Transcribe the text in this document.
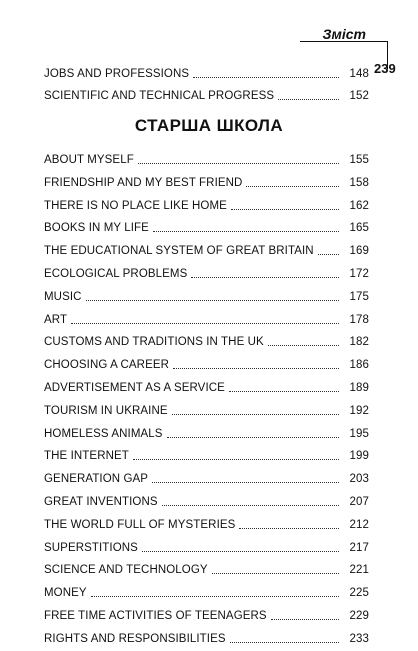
Зміст
239
JOBS AND PROFESSIONS	148
SCIENTIFIC AND TECHNICAL PROGRESS	152
СТАРША ШКОЛА
ABOUT MYSELF	155
FRIENDSHIP AND MY BEST FRIEND	158
THERE IS NO PLACE LIKE HOME	162
BOOKS IN MY LIFE	165
THE EDUCATIONAL SYSTEM OF GREAT BRITAIN	169
ECOLOGICAL PROBLEMS	172
MUSIC	175
ART	178
CUSTOMS AND TRADITIONS IN THE UK	182
CHOOSING A CAREER	186
ADVERTISEMENT AS A SERVICE	189
TOURISM IN UKRAINE	192
HOMELESS ANIMALS	195
THE INTERNET	199
GENERATION GAP	203
GREAT INVENTIONS	207
THE WORLD FULL OF MYSTERIES	212
SUPERSTITIONS	217
SCIENCE AND TECHNOLOGY	221
MONEY	225
FREE TIME ACTIVITIES OF TEENAGERS	229
RIGHTS AND RESPONSIBILITIES	233
